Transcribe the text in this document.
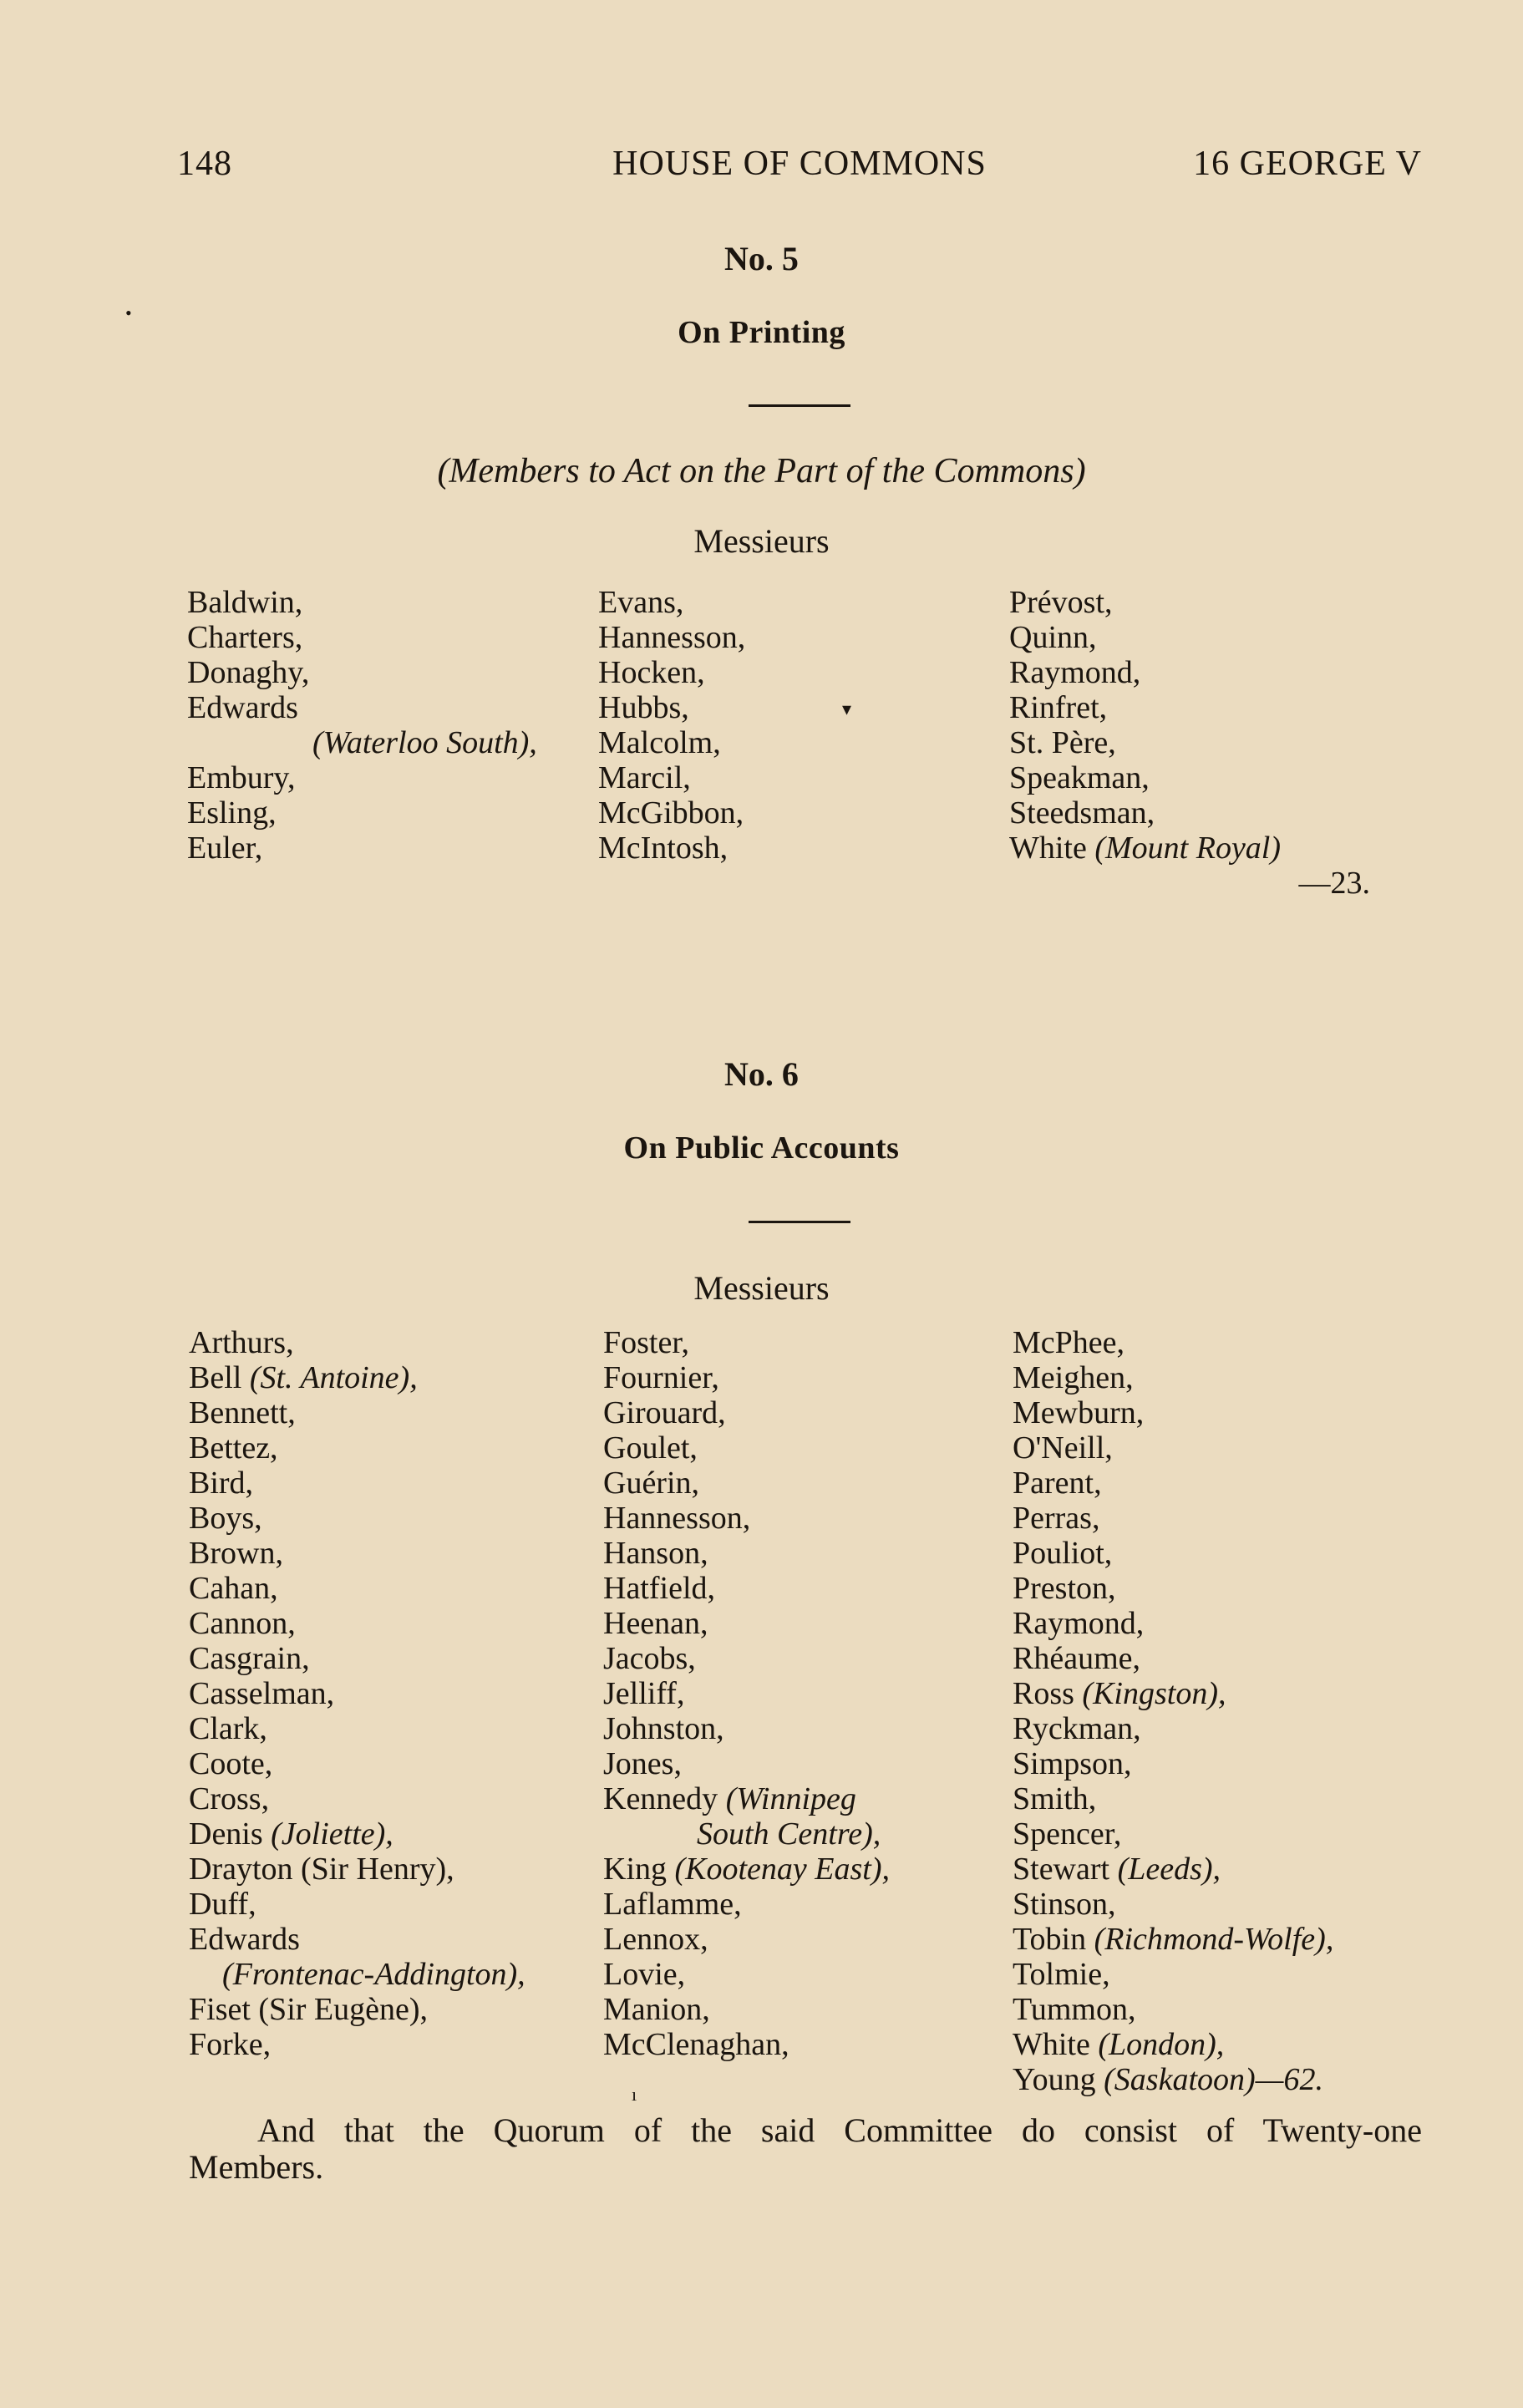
148	HOUSE OF COMMONS	16 GEORGE V
•
No. 5
On Printing
(Members to Act on the Part of the Commons)
Messieurs
Baldwin,
Charters,
Donaghy,
Edwards
(Waterloo South),
Embury,
Esling,
Euler,
Evans,
Hannesson,
Hocken,
Hubbs,
Malcolm,
Marcil,
McGibbon,
McIntosh,
Prévost,
Quinn,
Raymond,
Rinfret,
St. Père,
Speakman,
Steedsman,
White (Mount Royal)
—23.
▾
No. 6
On Public Accounts
Messieurs
Arthurs,
Bell (St. Antoine),
Bennett,
Bettez,
Bird,
Boys,
Brown,
Cahan,
Cannon,
Casgrain,
Casselman,
Clark,
Coote,
Cross,
Denis (Joliette),
Drayton (Sir Henry),
Duff,
Edwards
(Frontenac-Addington),
Fiset (Sir Eugène),
Forke,
Foster,
Fournier,
Girouard,
Goulet,
Guérin,
Hannesson,
Hanson,
Hatfield,
Heenan,
Jacobs,
Jelliff,
Johnston,
Jones,
Kennedy (Winnipeg
South Centre),
King (Kootenay East),
Laflamme,
Lennox,
Lovie,
Manion,
McClenaghan,
McPhee,
Meighen,
Mewburn,
O'Neill,
Parent,
Perras,
Pouliot,
Preston,
Raymond,
Rhéaume,
Ross (Kingston),
Ryckman,
Simpson,
Smith,
Spencer,
Stewart (Leeds),
Stinson,
Tobin (Richmond-Wolfe),
Tolmie,
Tummon,
White (London),
Young (Saskatoon)—62.
ı
And that the Quorum of the said Committee do consist of Twenty-one
Members.
